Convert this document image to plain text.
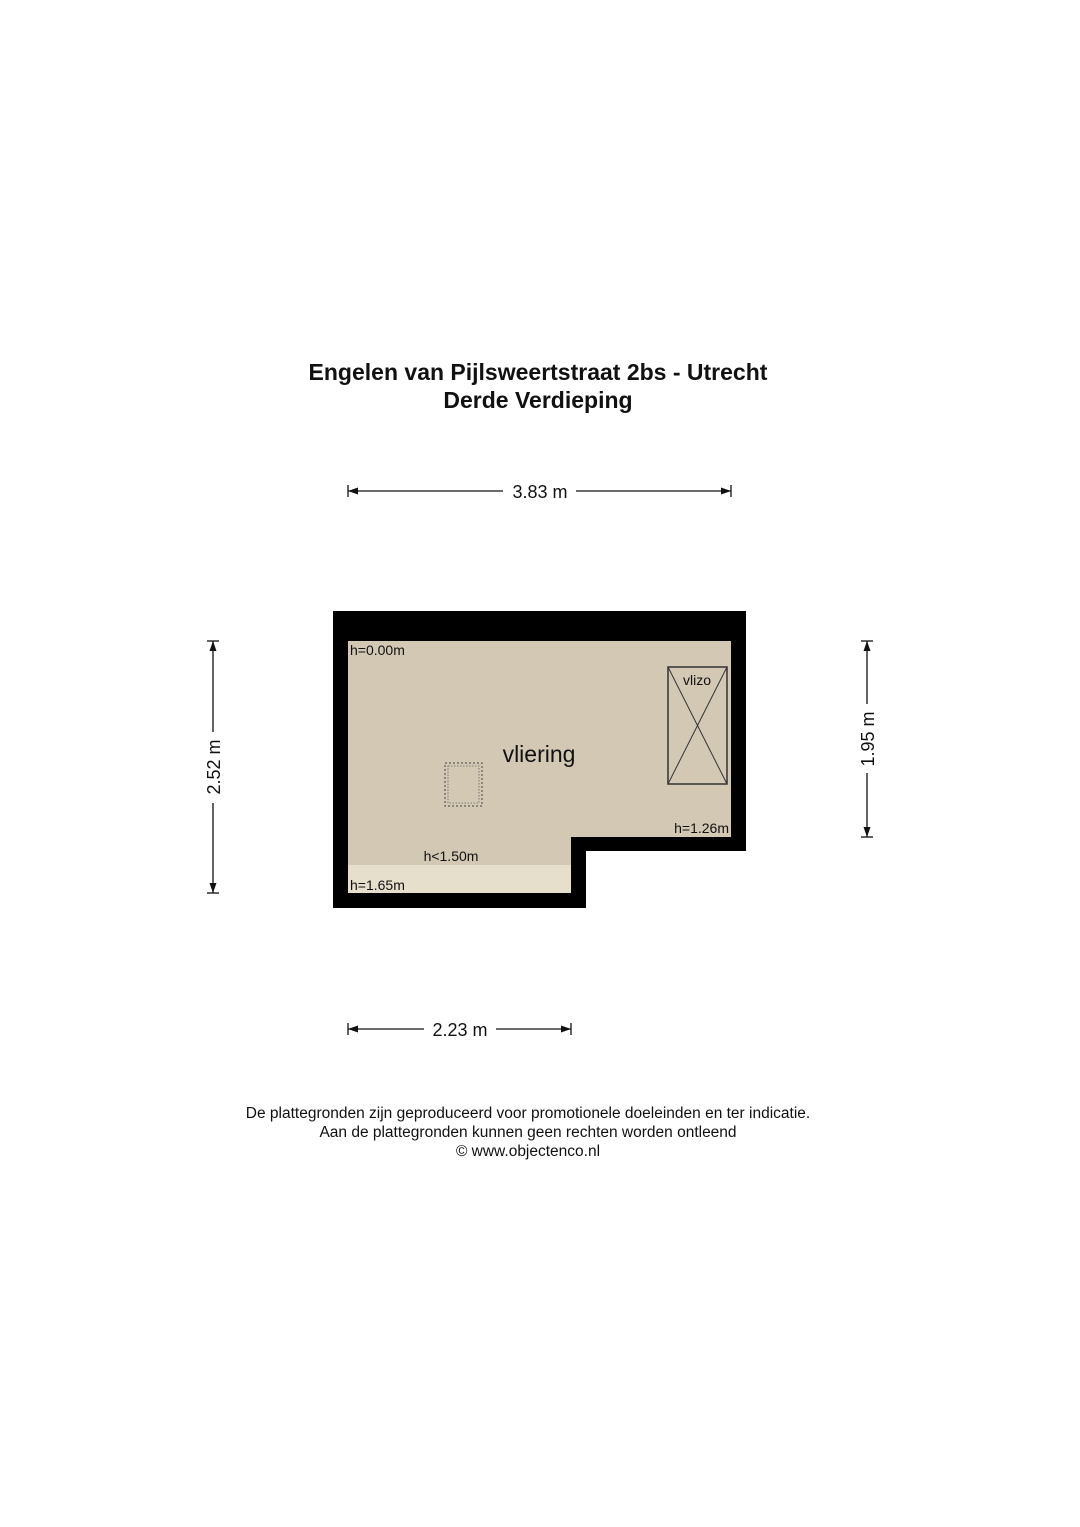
Engelen van Pijlsweertstraat 2bs - Utrecht
Derde Verdieping
vliering
vlizo
h=0.00m
h=1.26m
h<1.50m
h=1.65m
3.83 m
2.23 m
2.52 m
1.95 m
De plattegronden zijn geproduceerd voor promotionele doeleinden en ter indicatie.
Aan de plattegronden kunnen geen rechten worden ontleend
© www.objectenco.nl
